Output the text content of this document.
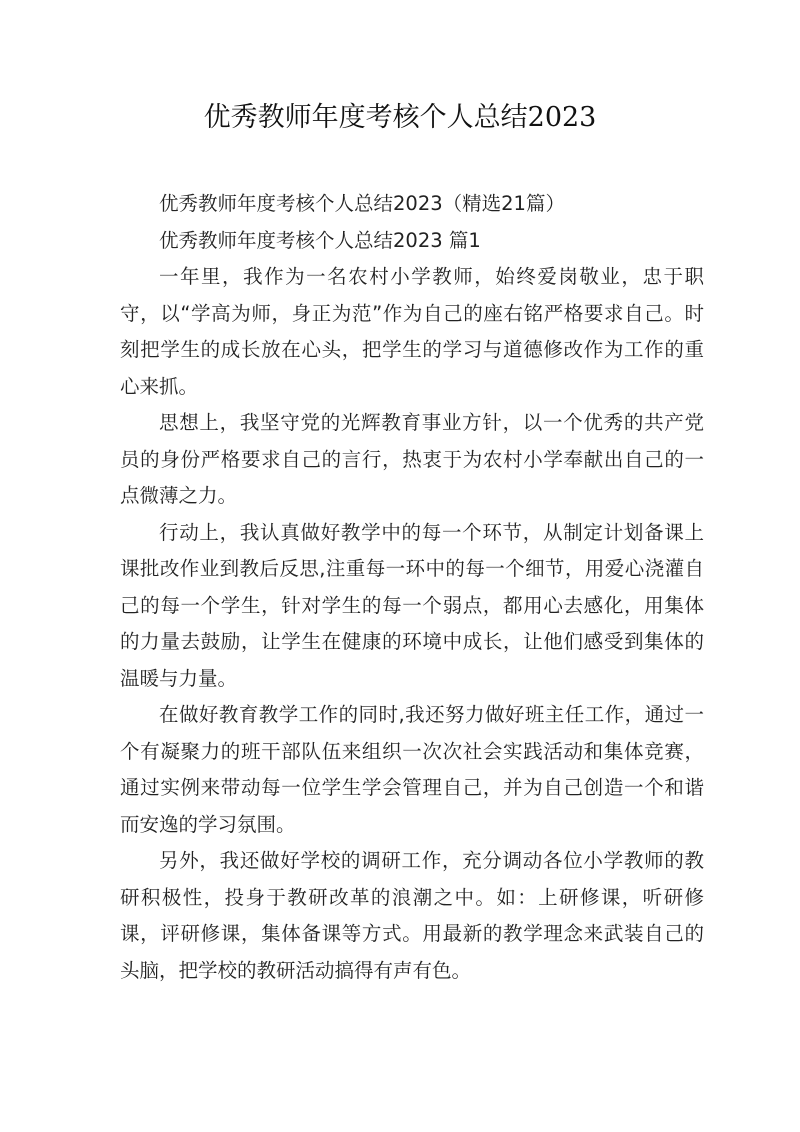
优秀教师年度考核个人总结2023

优秀教师年度考核个人总结2023（精选21篇）

优秀教师年度考核个人总结2023 篇1

一年里，我作为一名农村小学教师，始终爱岗敬业，忠于职守，以“学高为师，身正为范”作为自己的座右铭严格要求自己。时刻把学生的成长放在心头，把学生的学习与道德修改作为工作的重心来抓。

思想上，我坚守党的光辉教育事业方针，以一个优秀的共产党员的身份严格要求自己的言行，热衷于为农村小学奉献出自己的一点微薄之力。

行动上，我认真做好教学中的每一个环节，从制定计划备课上课批改作业到教后反思,注重每一环中的每一个细节，用爱心浇灌自己的每一个学生，针对学生的每一个弱点，都用心去感化，用集体的力量去鼓励，让学生在健康的环境中成长，让他们感受到集体的温暖与力量。

在做好教育教学工作的同时,我还努力做好班主任工作，通过一个有凝聚力的班干部队伍来组织一次次社会实践活动和集体竞赛，通过实例来带动每一位学生学会管理自己，并为自己创造一个和谐而安逸的学习氛围。

另外，我还做好学校的调研工作，充分调动各位小学教师的教研积极性，投身于教研改革的浪潮之中。如：上研修课，听研修课，评研修课，集体备课等方式。用最新的教学理念来武装自己的头脑，把学校的教研活动搞得有声有色。
